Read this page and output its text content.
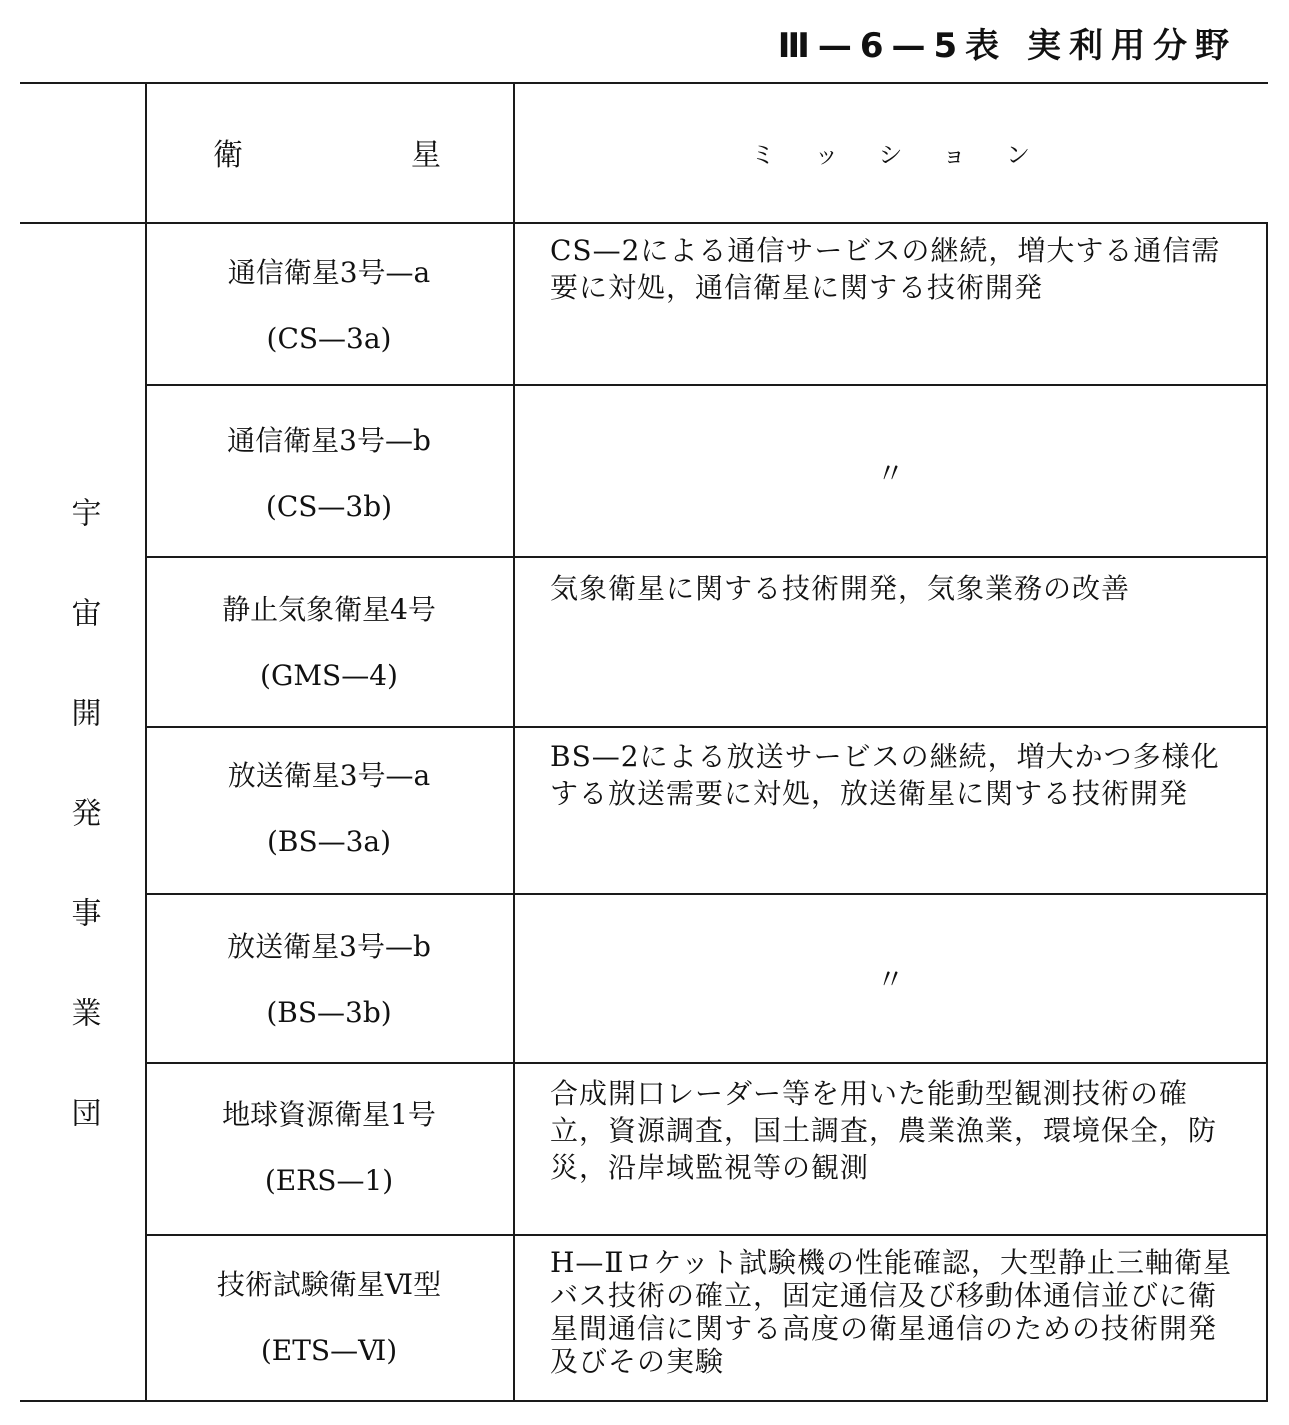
Ⅲ—6—5表 実利用分野
衛	星	ミッション
宇宙開発事業団
通信衛星3号—a
(CS—3a)
CS—2による通信サービスの継続，増大する通信需要に対処，通信衛星に関する技術開発
通信衛星3号—b
(CS—3b)
〃
静止気象衛星4号
(GMS—4)
気象衛星に関する技術開発，気象業務の改善
放送衛星3号—a
(BS—3a)
BS—2による放送サービスの継続，増大かつ多様化する放送需要に対処，放送衛星に関する技術開発
放送衛星3号—b
(BS—3b)
〃
地球資源衛星1号
(ERS—1)
合成開口レーダー等を用いた能動型観測技術の確立，資源調査，国土調査，農業漁業，環境保全，防災，沿岸域監視等の観測
技術試験衛星Ⅵ型
(ETS—Ⅵ)
H—Ⅱロケット試験機の性能確認，大型静止三軸衛星バス技術の確立，固定通信及び移動体通信並びに衛星間通信に関する高度の衛星通信のための技術開発及びその実験
